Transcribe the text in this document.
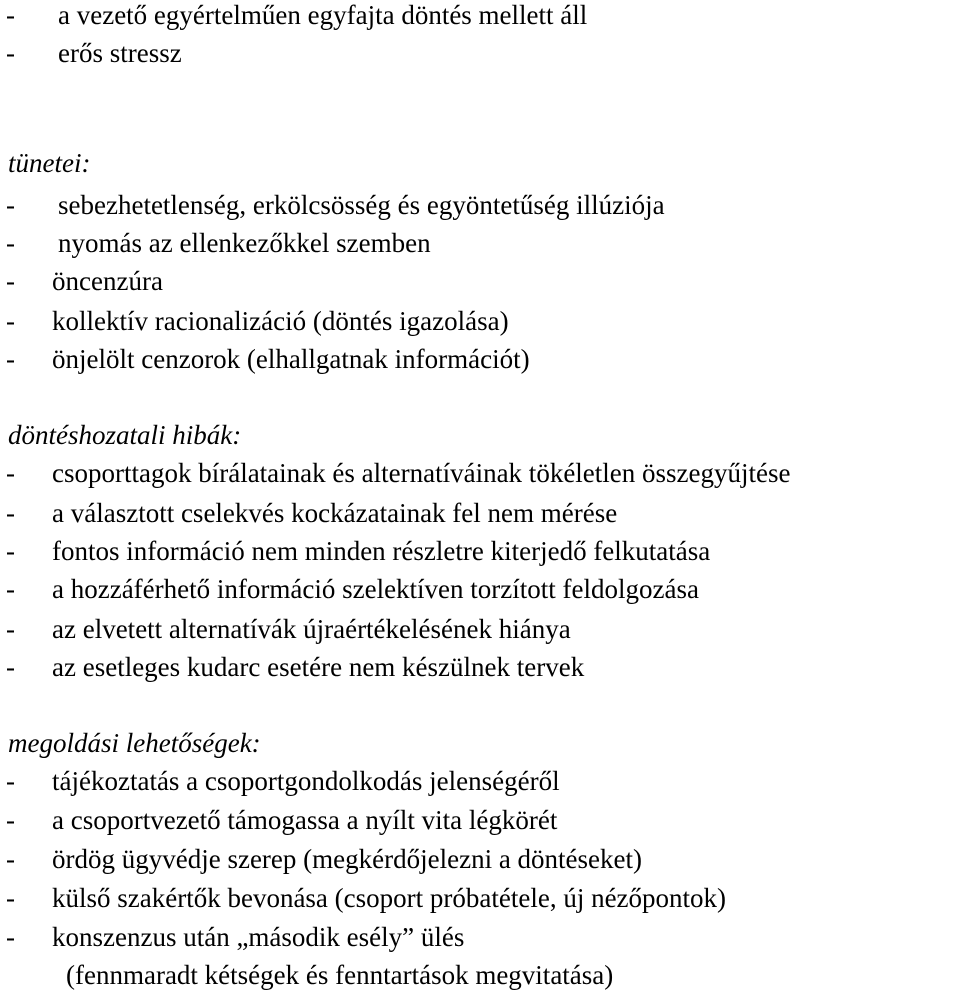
- a vezető egyértelműen egyfajta döntés mellett áll
- erős stressz
tünetei:
- sebezhetetlenség, erkölcsösség és egyöntetűség illúziója
- nyomás az ellenkezőkkel szemben
- öncenzúra
- kollektív racionalizáció (döntés igazolása)
- önjelölt cenzorok (elhallgatnak információt)
döntéshozatali hibák:
- csoporttagok bírálatainak és alternatíváinak tökéletlen összegyűjtése
- a választott cselekvés kockázatainak fel nem mérése
- fontos információ nem minden részletre kiterjedő felkutatása
- a hozzáférhető információ szelektíven torzított feldolgozása
- az elvetett alternatívák újraértékelésének hiánya
- az esetleges kudarc esetére nem készülnek tervek
megoldási lehetőségek:
- tájékoztatás a csoportgondolkodás jelenségéről
- a csoportvezető támogassa a nyílt vita légkörét
- ördög ügyvédje szerep (megkérdőjelezni a döntéseket)
- külső szakértők bevonása (csoport próbatétele, új nézőpontok)
- konszenzus után „második esély” ülés
(fennmaradt kétségek és fenntartások megvitatása)
